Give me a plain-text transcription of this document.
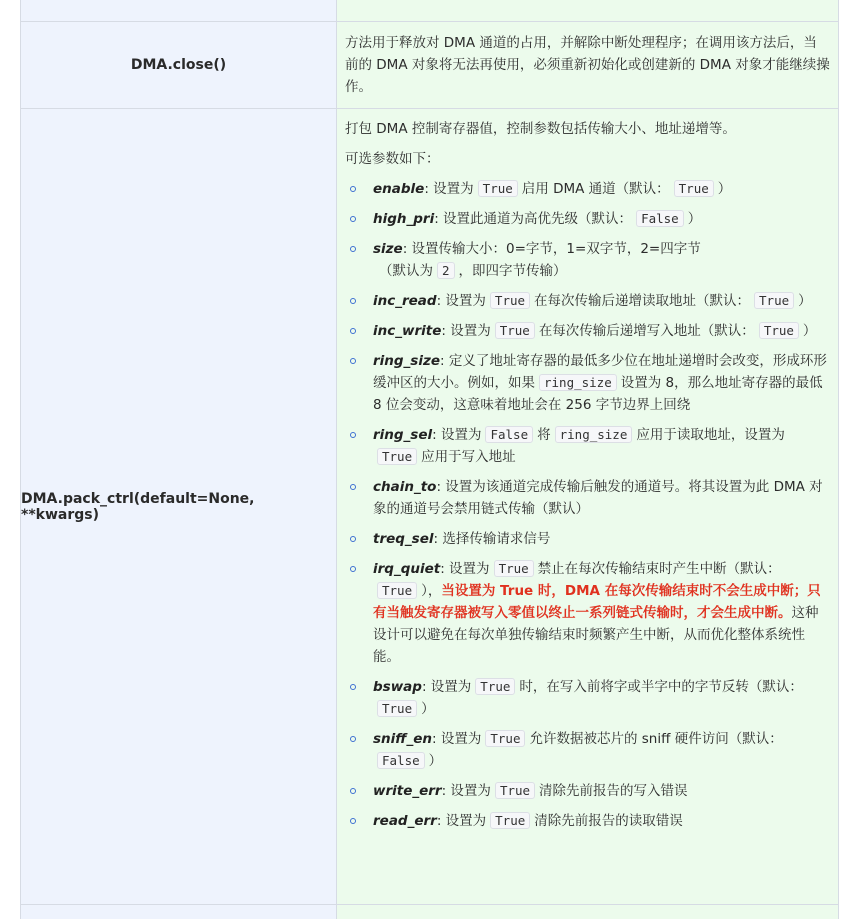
DMA.close()
方法用于释放对 DMA 通道的占用，并解除中断处理程序；在调用该方法后，当前的 DMA 对象将无法再使用，必须重新初始化或创建新的 DMA 对象才能继续操作。
DMA.pack_ctrl(default=None, **kwargs)

打包 DMA 控制寄存器值，控制参数包括传输大小、地址递增等。

可选参数如下：

enable: 设置为 True 启用 DMA 通道（默认： True ）
high_pri: 设置此通道为高优先级（默认： False ）
size: 设置传输大小：0=字节，1=双字节，2=四字节
（默认为 2 ，即四字节传输）
inc_read: 设置为 True 在每次传输后递增读取地址（默认： True ）
inc_write: 设置为 True 在每次传输后递增写入地址（默认： True ）
ring_size: 定义了地址寄存器的最低多少位在地址递增时会改变，形成环形缓冲区的大小。例如，如果 ring_size 设置为 8，那么地址寄存器的最低 8 位会变动，这意味着地址会在 256 字节边界上回绕
ring_sel: 设置为 False 将 ring_size 应用于读取地址，设置为True 应用于写入地址
chain_to: 设置为该通道完成传输后触发的通道号。将其设置为此 DMA 对象的通道号会禁用链式传输（默认）
treq_sel: 选择传输请求信号
irq_quiet: 设置为 True 禁止在每次传输结束时产生中断（默认：True ），当设置为 True 时，DMA 在每次传输结束时不会生成中断；只有当触发寄存器被写入零值以终止一系列链式传输时，才会生成中断。这种设计可以避免在每次单独传输结束时频繁产生中断，从而优化整体系统性能。
bswap: 设置为 True 时，在写入前将字或半字中的字节反转（默认：True ）
sniff_en: 设置为 True 允许数据被芯片的 sniff 硬件访问（默认：False ）
write_err: 设置为 True 清除先前报告的写入错误
read_err: 设置为 True 清除先前报告的读取错误
